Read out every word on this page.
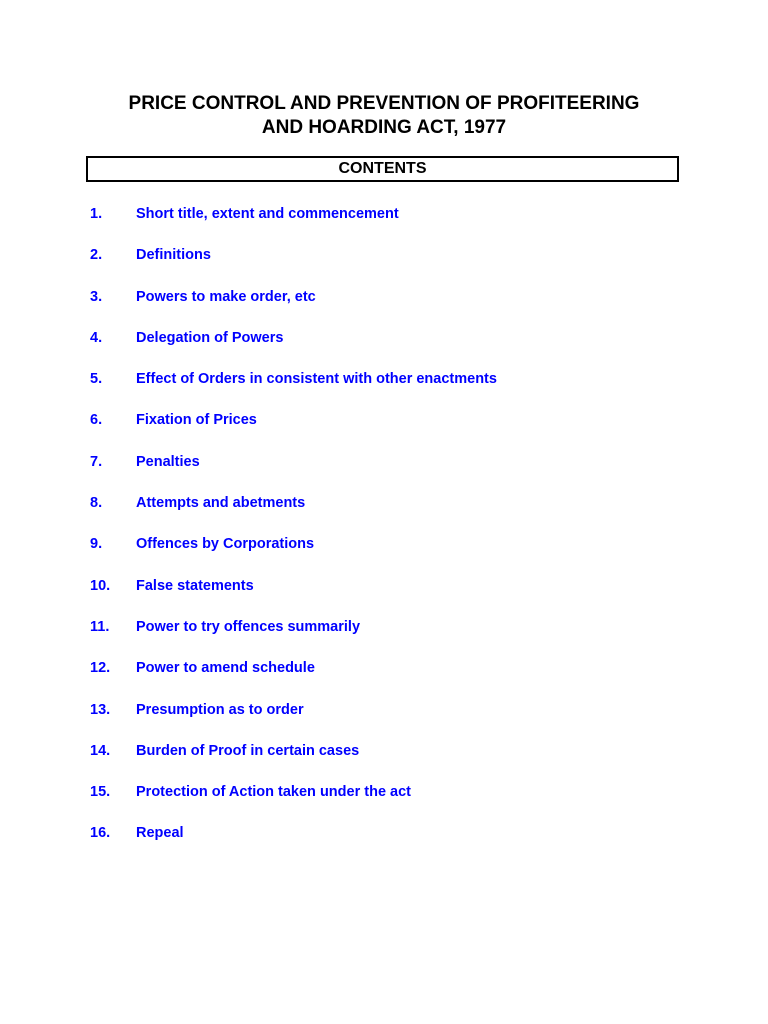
PRICE CONTROL AND PREVENTION OF PROFITEERING
AND HOARDING ACT, 1977
CONTENTS
1.	Short title, extent and commencement
2.	Definitions
3.	Powers to make order, etc
4.	Delegation of Powers
5.	Effect of Orders in consistent with other enactments
6.	Fixation of Prices
7.	Penalties
8.	Attempts and abetments
9.	Offences by Corporations
10.	False statements
11.	Power to try offences summarily
12.	Power to amend schedule
13.	Presumption as to order
14.	Burden of Proof in certain cases
15.	Protection of Action taken under the act
16.	Repeal
